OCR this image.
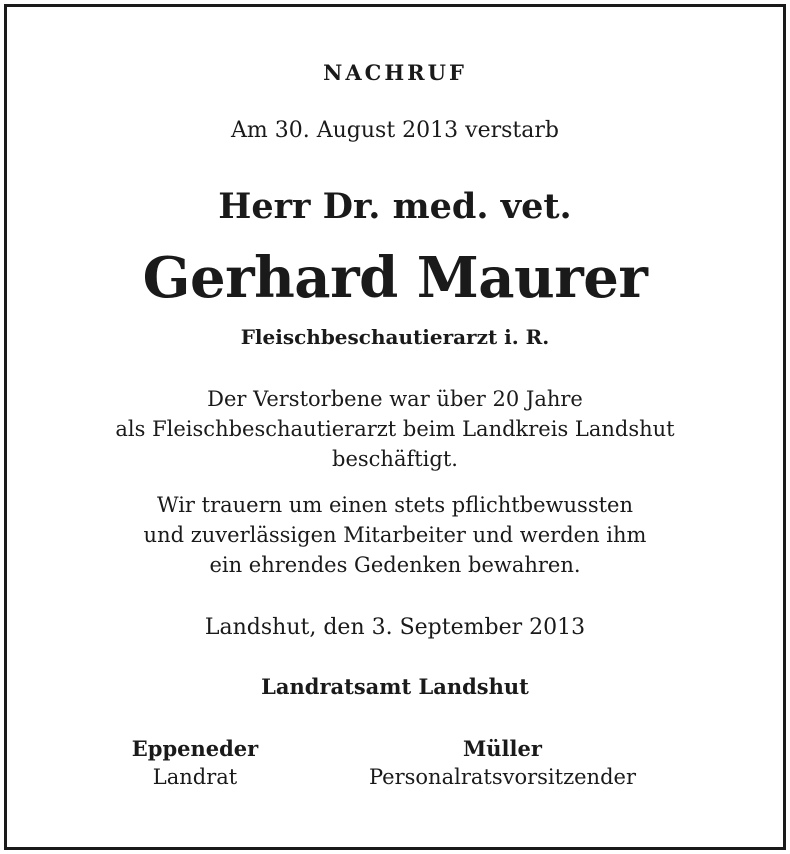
NACHRUF
Am 30. August 2013 verstarb
Herr Dr. med. vet.
Gerhard Maurer
Fleischbeschautierarzt i. R.
Der Verstorbene war über 20 Jahre
als Fleischbeschautierarzt beim Landkreis Landshut
beschäftigt.
Wir trauern um einen stets pflichtbewussten
und zuverlässigen Mitarbeiter und werden ihm
ein ehrendes Gedenken bewahren.
Landshut, den 3. September 2013
Landratsamt Landshut
Eppeneder
Landrat
Müller
Personalratsvorsitzender
